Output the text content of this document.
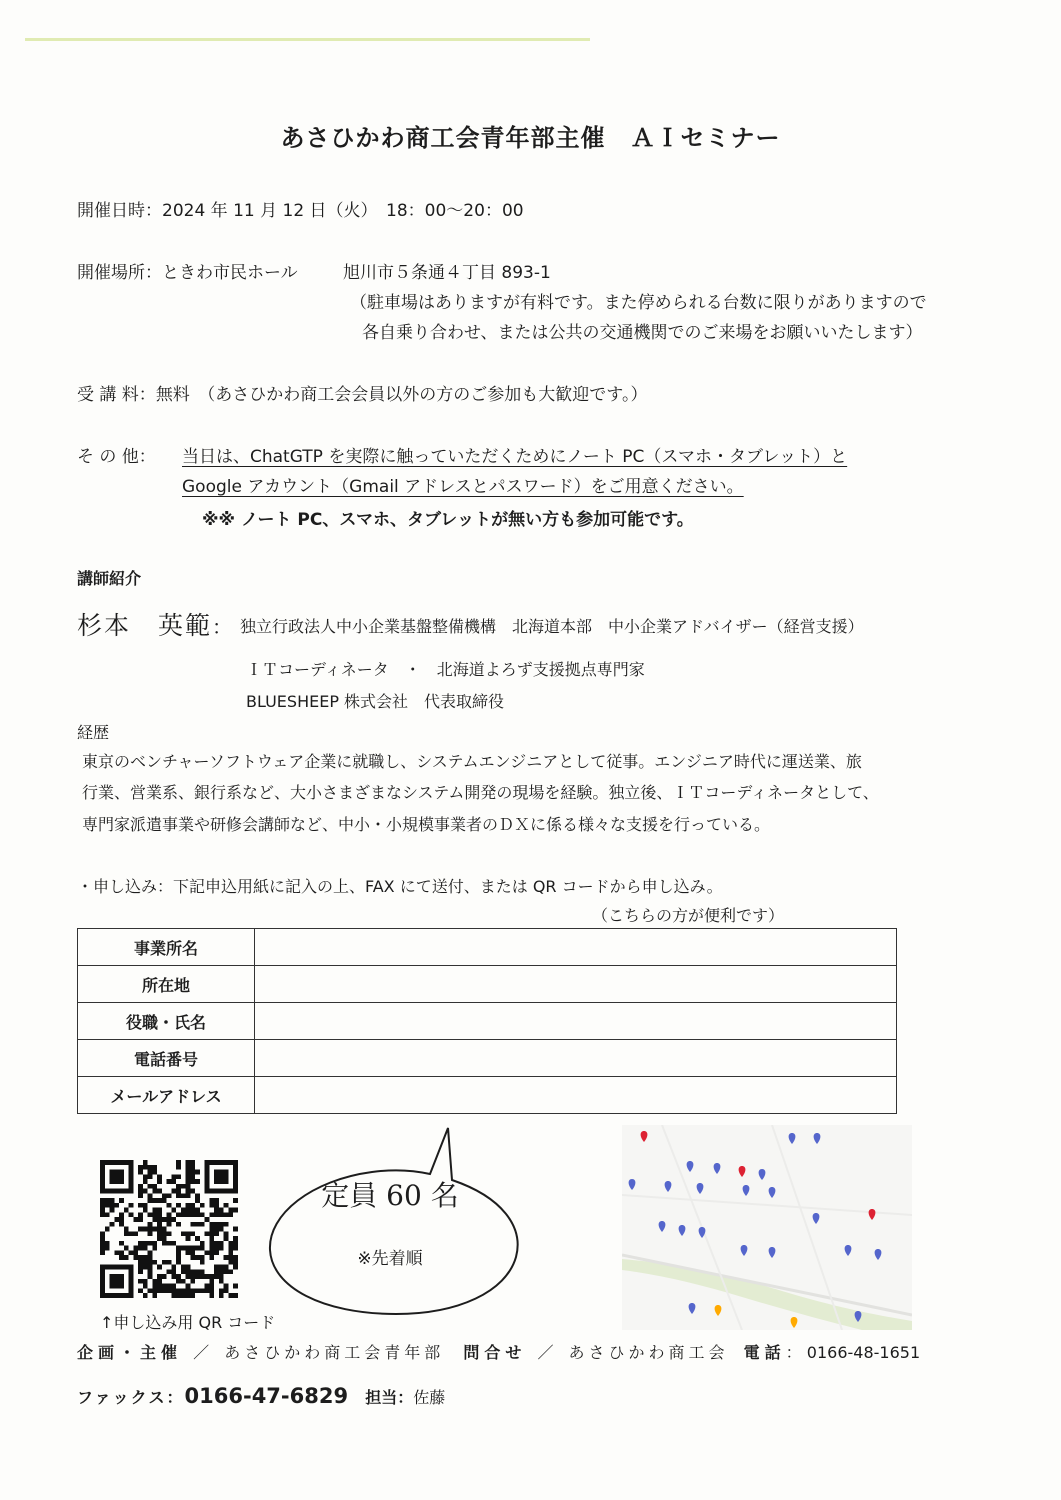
あさひかわ商工会青年部主催　ＡＩセミナー
開催日時：2024 年 11 月 12 日（火）　18：00～20：00
開催場所：ときわ市民ホール	旭川市５条通４丁目 893-1
（駐車場はありますが有料です。また停められる台数に限りがありますので
各自乗り合わせ、または公共の交通機関でのご来場をお願いいたします）
受 講 料：無料　（あさひかわ商工会会員以外の方のご参加も大歓迎です。）
そ の 他： 当日は、ChatGTP を実際に触っていただくためにノート PC（スマホ・タブレット）と
Google アカウント（Gmail アドレスとパスワード）をご用意ください。
※※ ノート PC、スマホ、タブレットが無い方も参加可能です。
講師紹介
杉本　英範： 独立行政法人中小企業基盤整備機構　北海道本部　中小企業アドバイザー（経営支援）
ＩＴコーディネータ　・　北海道よろず支援拠点専門家
BLUESHEEP 株式会社　代表取締役
経歴
東京のベンチャーソフトウェア企業に就職し、システムエンジニアとして従事。エンジニア時代に運送業、旅
行業、営業系、銀行系など、大小さまざまなシステム開発の現場を経験。独立後、ＩＴコーディネータとして、
専門家派遣事業や研修会講師など、中小・小規模事業者のＤＸに係る様々な支援を行っている。
・申し込み：下記申込用紙に記入の上、FAX にて送付、または QR コードから申し込み。
（こちらの方が便利です）
事業所名	
所在地	
役職・氏名	
電話番号	
メールアドレス	
↑申し込み用 QR コード
定員 60 名
※先着順
企画・主催 ／ あさひかわ商工会青年部 問合せ ／ あさひかわ商工会 電話： 0166-48-1651
ファックス：0166-47-6829 担当：佐藤
